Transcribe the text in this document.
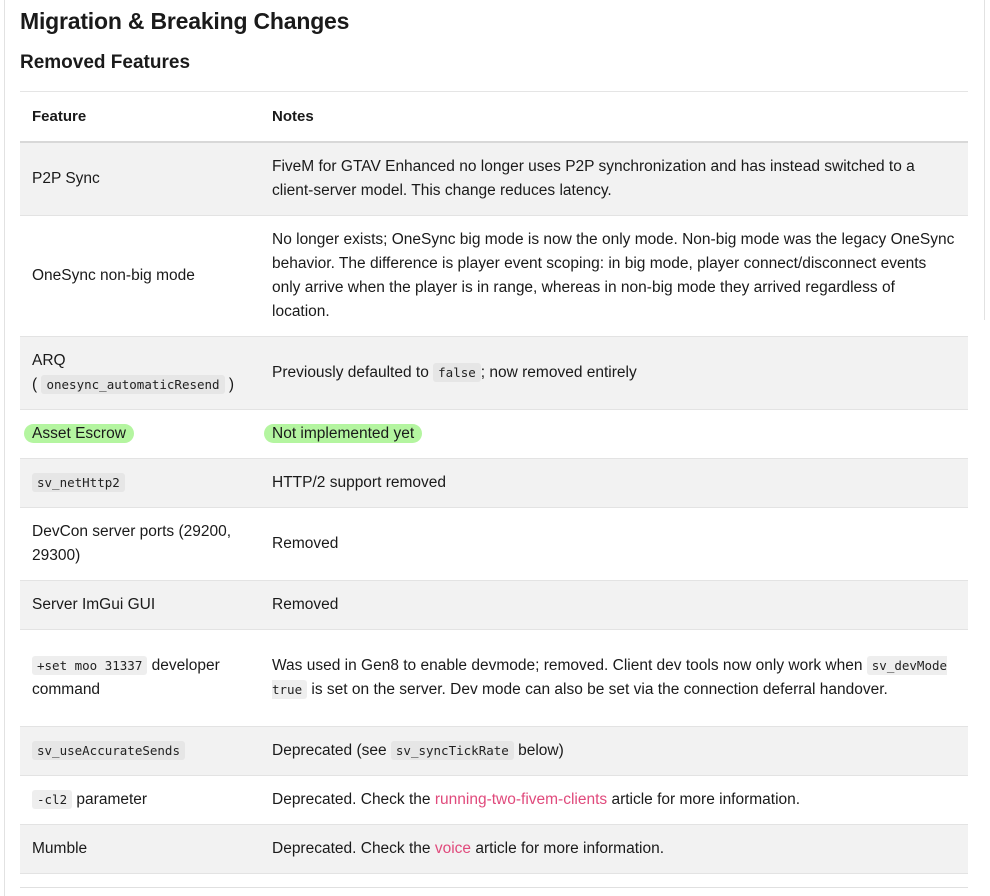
Migration & Breaking Changes
Removed Features
Feature	Notes
P2P Sync	FiveM for GTAV Enhanced no longer uses P2P synchronization and has instead switched to a client-server model. This change reduces latency.
OneSync non-big mode	No longer exists; OneSync big mode is now the only mode. Non-big mode was the legacy OneSync behavior. The difference is player event scoping: in big mode, player connect/disconnect events only arrive when the player is in range, whereas in non-big mode they arrived regardless of location.
ARQ
( onesync_automaticResend )	Previously defaulted to false ; now removed entirely
Asset Escrow	Not implemented yet
sv_netHttp2	HTTP/2 support removed
DevCon server ports (29200, 29300)	Removed
Server ImGui GUI	Removed
+set moo 31337 developer command	Was used in Gen8 to enable devmode; removed. Client dev tools now only work when sv_devMode true is set on the server. Dev mode can also be set via the connection deferral handover.
sv_useAccurateSends	Deprecated (see sv_syncTickRate below)
-cl2 parameter	Deprecated. Check the running-two-fivem-clients article for more information.
Mumble	Deprecated. Check the voice article for more information.
